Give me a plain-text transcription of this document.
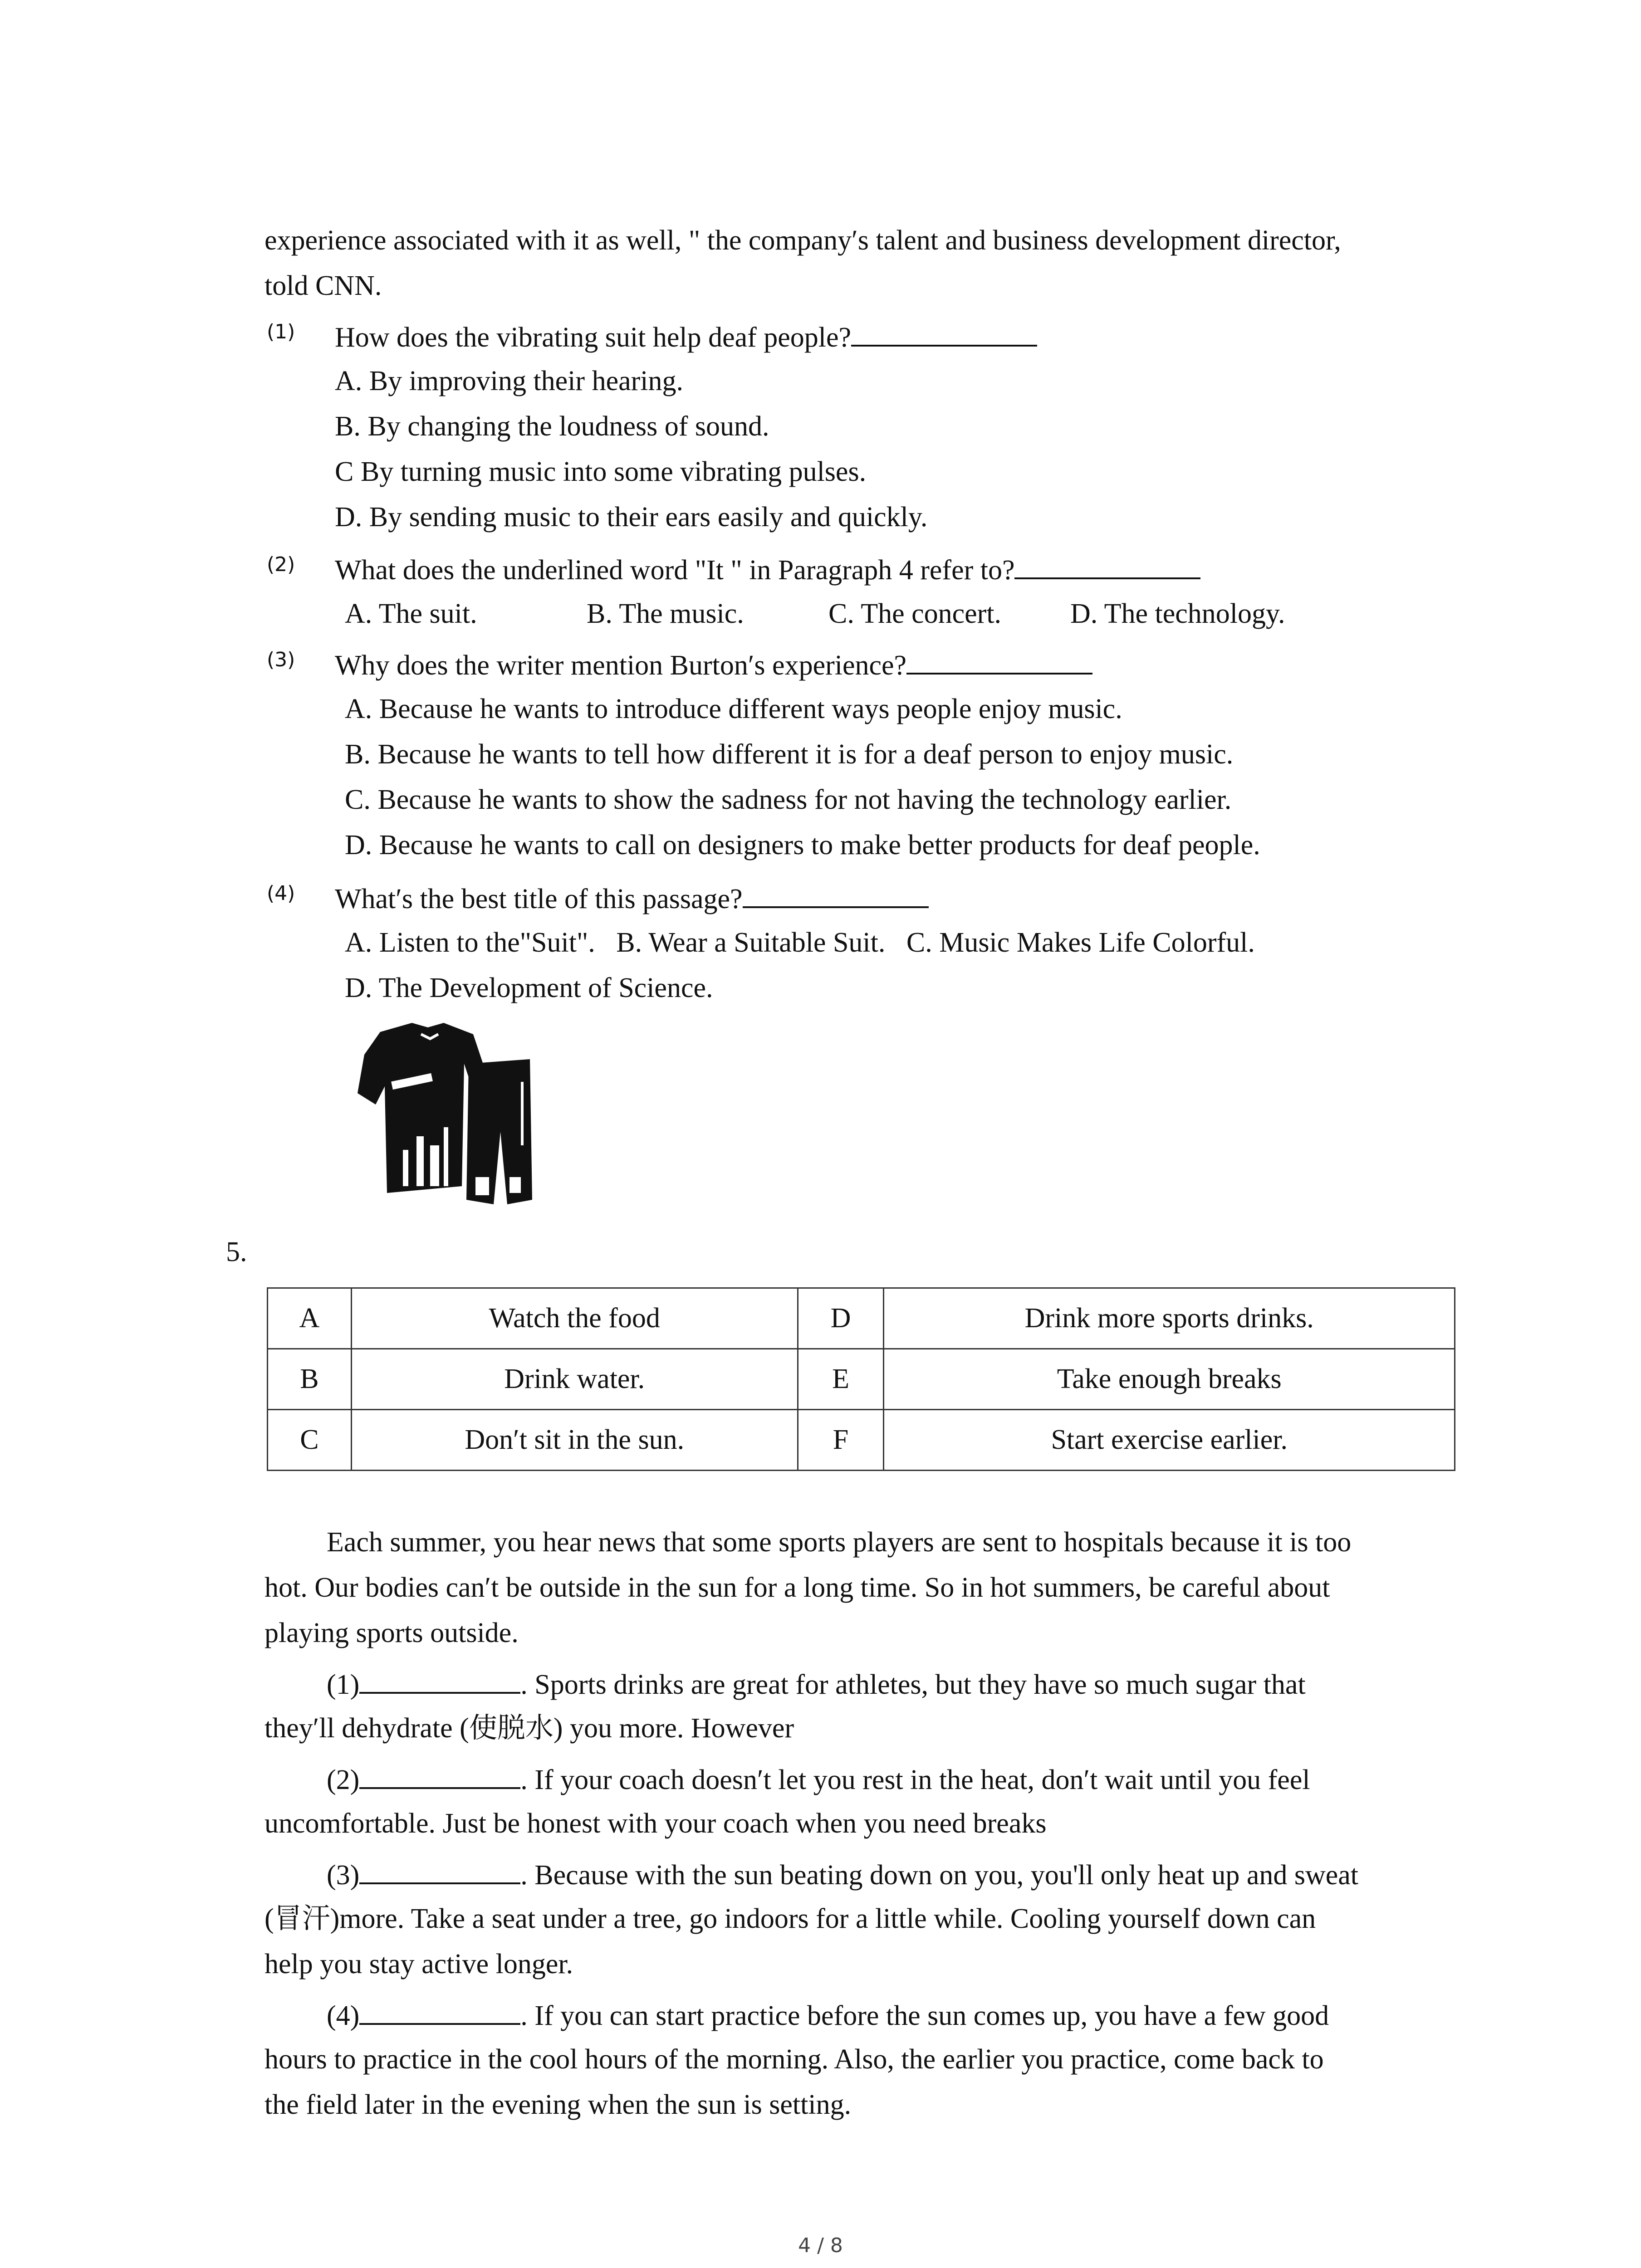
experience associated with it as well, " the company′s talent and business development director,
told CNN.
(1) How does the vibrating suit help deaf people?
A. By improving their hearing.
B. By changing the loudness of sound.
C By turning music into some vibrating pulses.
D. By sending music to their ears easily and quickly.
(2) What does the underlined word "It " in Paragraph 4 refer to?
A. The suit.	B. The music.	C. The concert. D. The technology.
(3) Why does the writer mention Burton′s experience?
A. Because he wants to introduce different ways people enjoy music.
B. Because he wants to tell how different it is for a deaf person to enjoy music.
C. Because he wants to show the sadness for not having the technology earlier.
D. Because he wants to call on designers to make better products for deaf people.
(4) What′s the best title of this passage?
A. Listen to the"Suit". B. Wear a Suitable Suit. C. Music Makes Life Colorful.
D. The Development of Science.
5.
A	Watch the food	D	Drink more sports drinks.
B	Drink water.	E	Take enough breaks
C	Don′t sit in the sun.	F	Start exercise earlier.
Each summer, you hear news that some sports players are sent to hospitals because it is too
hot. Our bodies can′t be outside in the sun for a long time. So in hot summers, be careful about
playing sports outside.
(1)	. Sports drinks are great for athletes, but they have so much sugar that
they′ll dehydrate (使脱水) you more. However
(2)	. If your coach doesn′t let you rest in the heat, don′t wait until you feel
uncomfortable. Just be honest with your coach when you need breaks
(3)	. Because with the sun beating down on you, you'll only heat up and sweat
(冒汗)more. Take a seat under a tree, go indoors for a little while. Cooling yourself down can
help you stay active longer.
(4)	. If you can start practice before the sun comes up, you have a few good
hours to practice in the cool hours of the morning. Also, the earlier you practice, come back to
the field later in the evening when the sun is setting.
4 / 8
